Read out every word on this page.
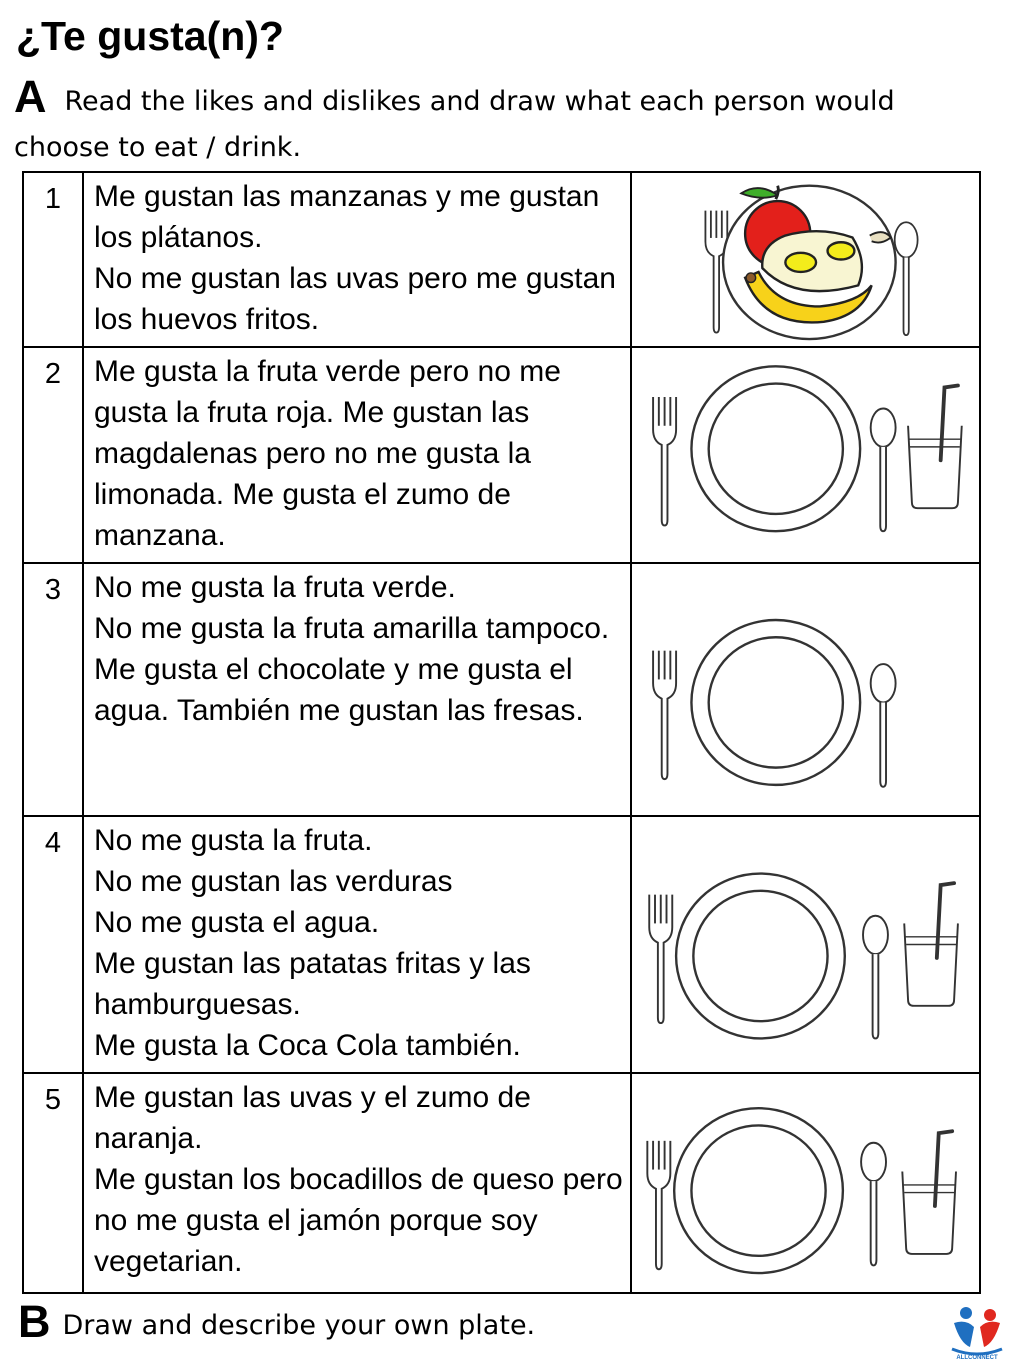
¿Te gusta(n)?
A Read the likes and dislikes and draw what each person would choose to eat / drink.
1	Me gustan las manzanas y me gustan los plátanos.
No me gustan las uvas pero me gustan los huevos fritos.

2	Me gusta la fruta verde pero no me gusta la fruta roja. Me gustan las magdalenas pero no me gusta la limonada. Me gusta el zumo de manzana.

3	No me gusta la fruta verde.
No me gusta la fruta amarilla tampoco.
Me gusta el chocolate y me gusta el agua. También me gustan las fresas.

4	No me gusta la fruta.
No me gustan las verduras
No me gusta el agua.
Me gustan las patatas fritas y las hamburguesas.
Me gusta la Coca Cola también.

5	Me gustan las uvas y el zumo de naranja.
Me gustan los bocadillos de queso pero no me gusta el jamón porque soy vegetarian.

B Draw and describe your own plate.
ALLCONNECT
